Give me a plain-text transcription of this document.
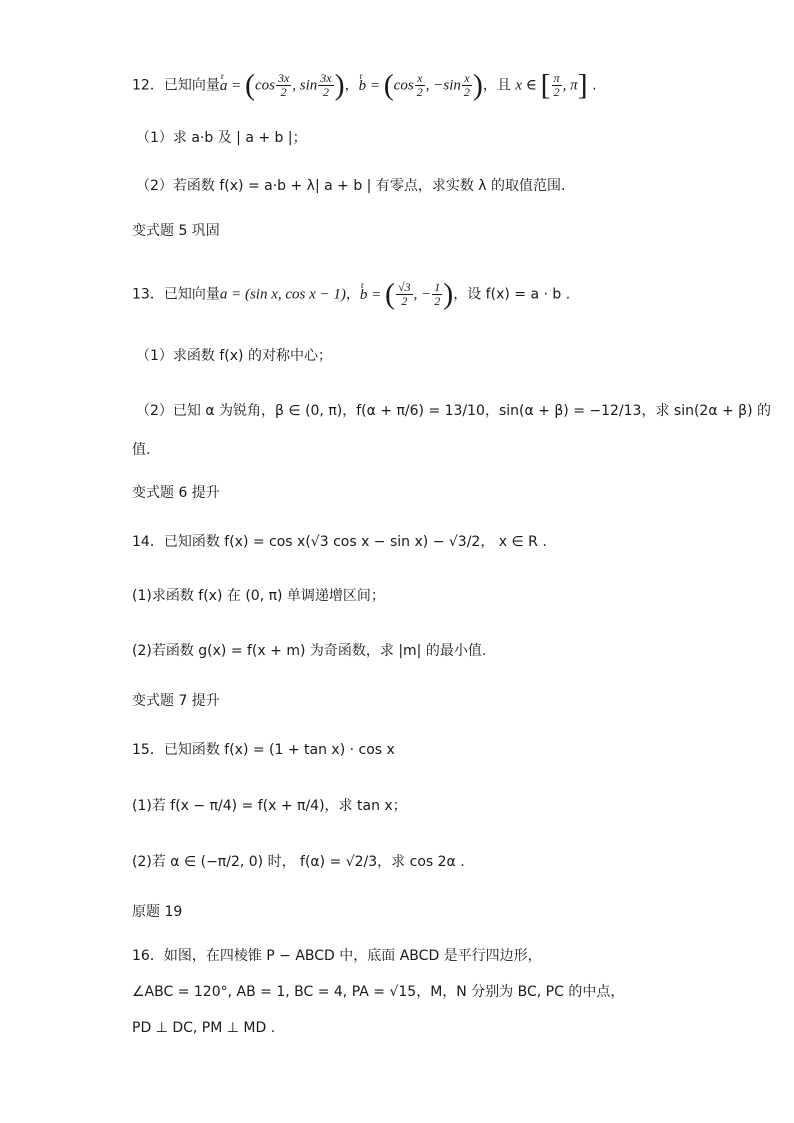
12．已知向量r $a = (\cos \frac{3x}{2}$ , $\sin \frac{3x}{2}$ )，r $b = (\cos \frac{x}{2}$ , $-\sin \frac{x}{2}$ )，且 x ∈ [ $\frac{\pi}{2}$ , π] .
（1）求 a·b 及 | a + b |；
（2）若函数 f(x) = a·b + λ| a + b | 有零点，求实数 λ 的取值范围.
变式题 5 巩固
13．已知向量a = (sin x, cos x − 1)，r b = ( $\frac{√3}{2}$ , − $\frac{1}{2}$ )，设 f(x) = a · b .
（1）求函数 f(x) 的对称中心；
（2）已知 α 为锐角，β ∈ (0, π)，f(α + π/6) = 13/10，sin(α + β) = −12/13，求 sin(2α + β) 的
值.
变式题 6 提升
14．已知函数 f(x) = cos x(√3 cos x − sin x) − √3/2， x ∈ R .
(1)求函数 f(x) 在 (0, π) 单调递增区间；
(2)若函数 g(x) = f(x + m) 为奇函数，求 |m| 的最小值.
变式题 7 提升
15．已知函数 f(x) = (1 + tan x) · cos x
(1)若 f(x − π/4) = f(x + π/4)，求 tan x；
(2)若 α ∈ (−π/2, 0) 时， f(α) = √2/3，求 cos 2α .
原题 19
16．如图，在四棱锥 P − ABCD 中，底面 ABCD 是平行四边形，
∠ABC = 120°, AB = 1, BC = 4, PA = √15，M，N 分别为 BC, PC 的中点，
PD ⊥ DC, PM ⊥ MD .
